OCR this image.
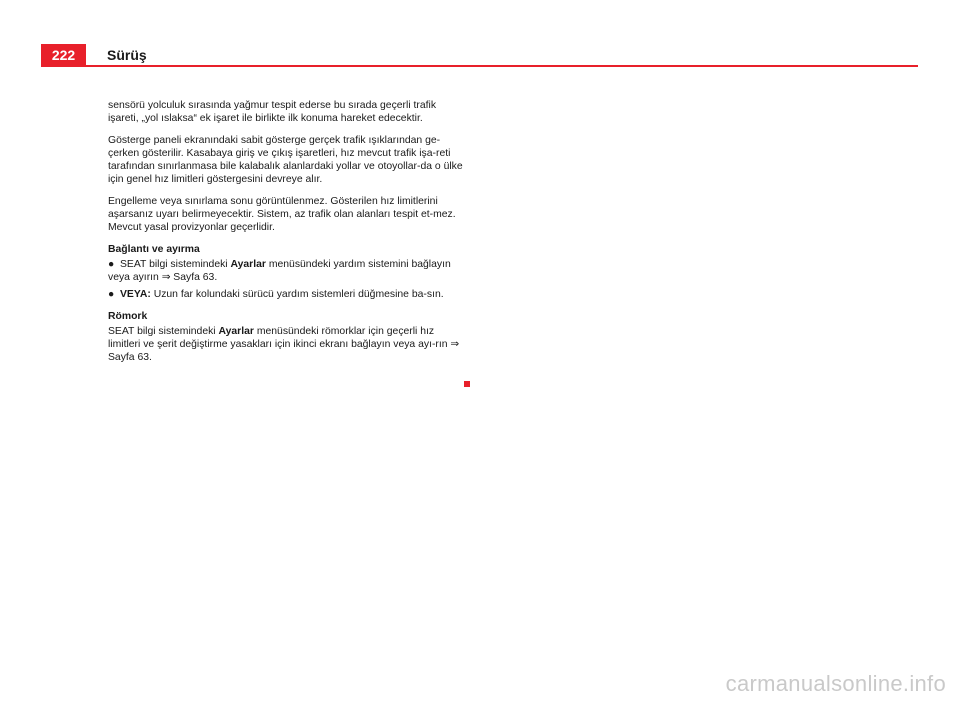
222	Sürüş

sensörü yolculuk sırasında yağmur tespit ederse bu sırada geçerli trafik işareti, „yol ıslaksa“ ek işaret ile birlikte ilk konuma hareket edecektir.

Gösterge paneli ekranındaki sabit gösterge gerçek trafik ışıklarından ge-çerken gösterilir. Kasabaya giriş ve çıkış işaretleri, hız mevcut trafik işa-reti tarafından sınırlanmasa bile kalabalık alanlardaki yollar ve otoyollar-da o ülke için genel hız limitleri göstergesini devreye alır.

Engelleme veya sınırlama sonu görüntülenmez. Gösterilen hız limitlerini aşarsanız uyarı belirmeyecektir. Sistem, az trafik olan alanları tespit et-mez. Mevcut yasal provizyonlar geçerlidir.

Bağlantı ve ayırma

● SEAT bilgi sistemindeki Ayarlar menüsündeki yardım sistemini bağlayın veya ayırın ⇒ Sayfa 63.

● VEYA: Uzun far kolundaki sürücü yardım sistemleri düğmesine ba-sın.

Römork

SEAT bilgi sistemindeki Ayarlar menüsündeki römorklar için geçerli hız limitleri ve şerit değiştirme yasakları için ikinci ekranı bağlayın veya ayı-rın ⇒ Sayfa 63.

carmanualsonline.info
